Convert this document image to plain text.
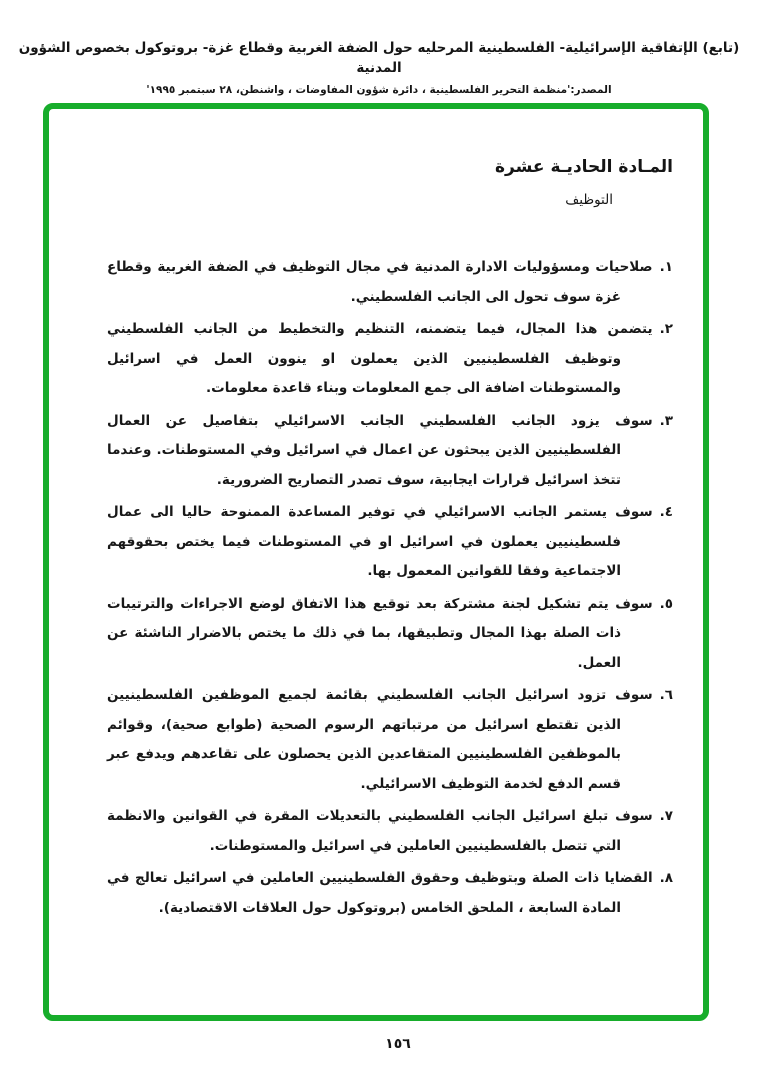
(تابع) الإتفاقية الإسرائيلية- الفلسطينية المرحليه حول الضفة الغربية وقطاع غزة- بروتوكول بخصوص الشؤون المدنية
المصدر:'منظمة التحرير الفلسطينية ، دائرة شؤون المفاوضات ، واشنطن، ٢٨ سبتمبر ١٩٩٥'
المـادة الحاديـة عشرة
التوظيف
١.صلاحيات ومسؤوليات الادارة المدنية في مجال التوظيف في الضفة الغربية وقطاع غزة سوف تحول الى الجانب الفلسطيني.
٢.يتضمن هذا المجال، فيما يتضمنه، التنظيم والتخطيط من الجانب الفلسطيني وتوظيف الفلسطينيين الذين يعملون او ينوون العمل في اسرائيل والمستوطنات اضافة الى جمع المعلومات وبناء قاعدة معلومات.
٣.سوف يزود الجانب الفلسطيني الجانب الاسرائيلي بتفاصيل عن العمال الفلسطينيين الذين يبحثون عن اعمال في اسرائيل وفي المستوطنات. وعندما تتخذ اسرائيل قرارات ايجابية، سوف تصدر التصاريح الضرورية.
٤.سوف يستمر الجانب الاسرائيلي في توفير المساعدة الممنوحة حاليا الى عمال فلسطينيين يعملون في اسرائيل او في المستوطنات فيما يختص بحقوقهم الاجتماعية وفقا للقوانين المعمول بها.
٥.سوف يتم تشكيل لجنة مشتركة بعد توقيع هذا الاتفاق لوضع الاجراءات والترتيبات ذات الصلة بهذا المجال وتطبيقها، بما في ذلك ما يختص بالاضرار الناشئة عن العمل.
٦.سوف تزود اسرائيل الجانب الفلسطيني بقائمة لجميع الموظفين الفلسطينيين الذين تقتطع اسرائيل من مرتباتهم الرسوم الصحية (طوابع صحية)، وقوائم بالموظفين الفلسطينيين المتقاعدين الذين يحصلون على تقاعدهم ويدفع عبر قسم الدفع لخدمة التوظيف الاسرائيلي.
٧.سوف تبلغ اسرائيل الجانب الفلسطيني بالتعديلات المقرة في القوانين والانظمة التي تتصل بالفلسطينيين العاملين في اسرائيل والمستوطنات.
٨.القضايا ذات الصلة وبتوظيف وحقوق الفلسطينيين العاملين في اسرائيل تعالج في المادة السابعة ، الملحق الخامس (بروتوكول حول العلاقات الاقتصادية).
١٥٦
